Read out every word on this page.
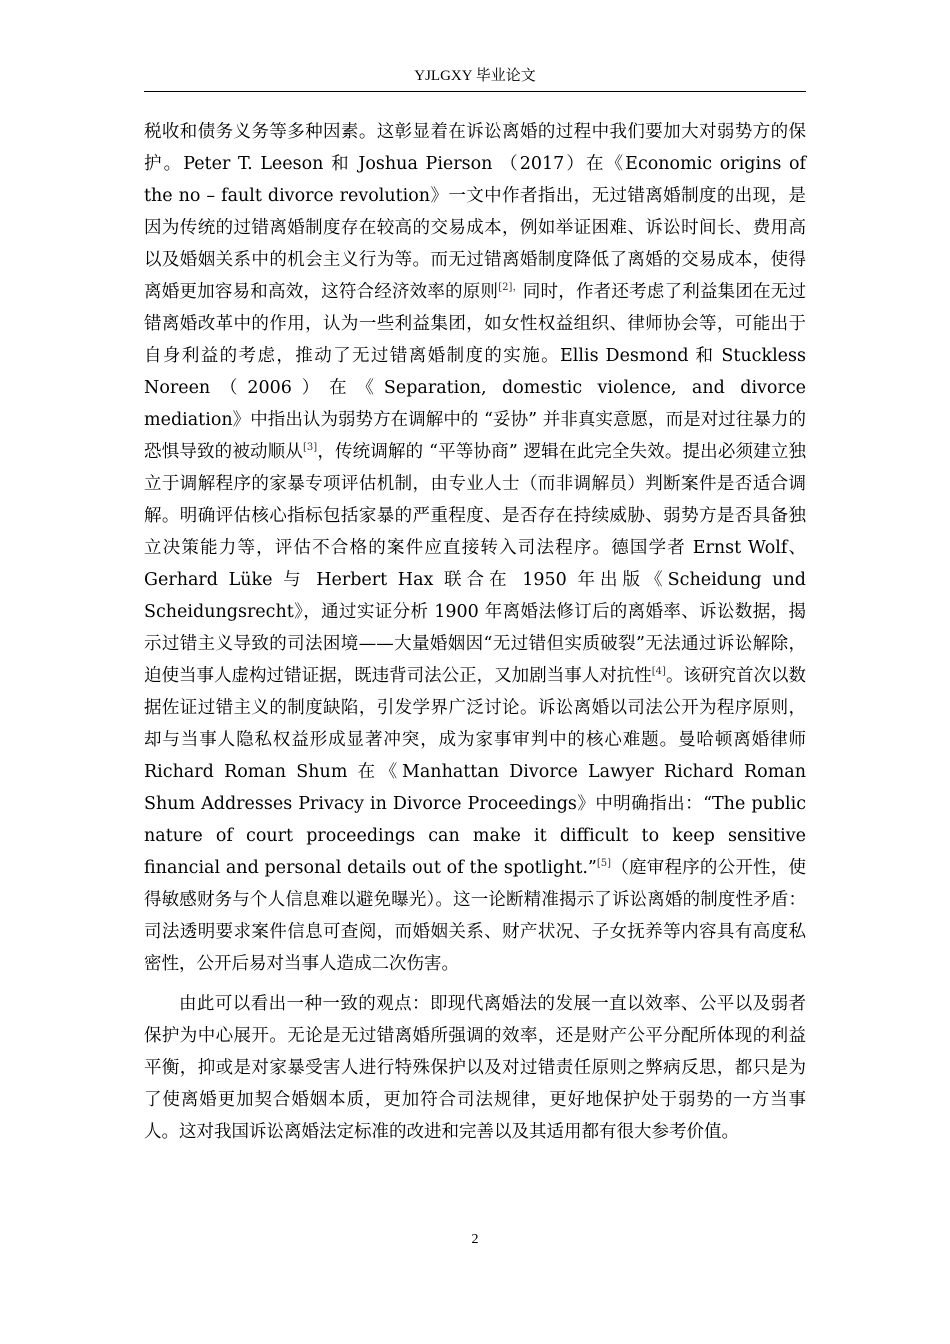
YJLGXY 毕业论文

税收和债务义务等多种因素。这彰显着在诉讼离婚的过程中我们要加大对弱势方的保护。Peter T. Leeson 和 Joshua Pierson （2017）在《Economic origins of the no – fault divorce revolution》一文中作者指出，无过错离婚制度的出现，是因为传统的过错离婚制度存在较高的交易成本，例如举证困难、诉讼时间长、费用高以及婚姻关系中的机会主义行为等。而无过错离婚制度降低了离婚的交易成本，使得离婚更加容易和高效，这符合经济效率的原则$^{[2],}$同时，作者还考虑了利益集团在无过错离婚改革中的作用，认为一些利益集团，如女性权益组织、律师协会等，可能出于自身利益的考虑，推动了无过错离婚制度的实施。Ellis Desmond 和 Stuckless Noreen（2006）在《Separation, domestic violence, and divorce mediation》中指出认为弱势方在调解中的 “妥协” 并非真实意愿，而是对过往暴力的恐惧导致的被动顺从[3]，传统调解的 “平等协商” 逻辑在此完全失效。提出必须建立独立于调解程序的家暴专项评估机制，由专业人士（而非调解员）判断案件是否适合调解。明确评估核心指标包括家暴的严重程度、是否存在持续威胁、弱势方是否具备独立决策能力等，评估不合格的案件应直接转入司法程序。德国学者 Ernst Wolf、Gerhard Lüke 与 Herbert Hax 联合在 1950 年出版《Scheidung und Scheidungsrecht》，通过实证分析 1900 年离婚法修订后的离婚率、诉讼数据，揭示过错主义导致的司法困境——大量婚姻因“无过错但实质破裂”无法通过诉讼解除，迫使当事人虚构过错证据，既违背司法公正，又加剧当事人对抗性[4]。该研究首次以数据佐证过错主义的制度缺陷，引发学界广泛讨论。诉讼离婚以司法公开为程序原则，却与当事人隐私权益形成显著冲突，成为家事审判中的核心难题。曼哈顿离婚律师 Richard Roman Shum 在《Manhattan Divorce Lawyer Richard Roman Shum Addresses Privacy in Divorce Proceedings》中明确指出：“The public nature of court proceedings can make it difficult to keep sensitive financial and personal details out of the spotlight.”[5]（庭审程序的公开性，使得敏感财务与个人信息难以避免曝光）。这一论断精准揭示了诉讼离婚的制度性矛盾：司法透明要求案件信息可查阅，而婚姻关系、财产状况、子女抚养等内容具有高度私密性，公开后易对当事人造成二次伤害。

由此可以看出一种一致的观点：即现代离婚法的发展一直以效率、公平以及弱者保护为中心展开。无论是无过错离婚所强调的效率，还是财产公平分配所体现的利益平衡，抑或是对家暴受害人进行特殊保护以及对过错责任原则之弊病反思，都只是为了使离婚更加契合婚姻本质，更加符合司法规律，更好地保护处于弱势的一方当事人。这对我国诉讼离婚法定标准的改进和完善以及其适用都有很大参考价值。

2
